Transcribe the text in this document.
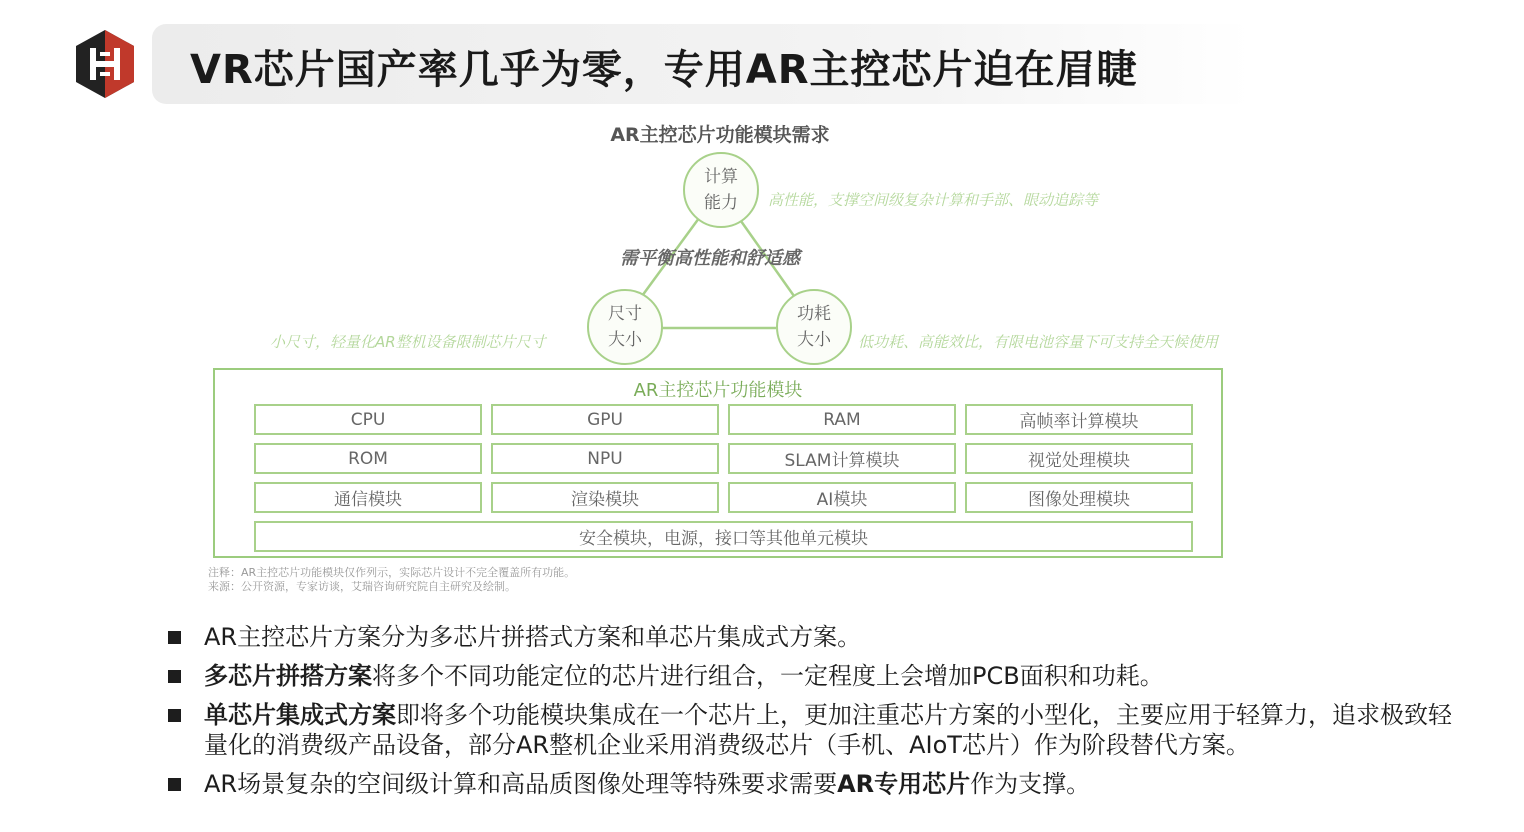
VR芯片国产率几乎为零，专用AR主控芯片迫在眉睫
AR主控芯片功能模块需求
计算
能力 高性能，支撑空间级复杂计算和手部、眼动追踪等
需平衡高性能和舒适感
尺寸
大小
小尺寸，轻量化AR整机设备限制芯片尺寸
功耗
大小 低功耗、高能效比，有限电池容量下可支持全天候使用
AR主控芯片功能模块
CPU	GPU	RAM	高帧率计算模块
ROM	NPU	SLAM计算模块	视觉处理模块
通信模块	渲染模块	AI模块	图像处理模块
安全模块，电源，接口等其他单元模块
注释：AR主控芯片功能模块仅作列示，实际芯片设计不完全覆盖所有功能。
来源：公开资源，专家访谈，艾瑞咨询研究院自主研究及绘制。
AR主控芯片方案分为多芯片拼搭式方案和单芯片集成式方案。
多芯片拼搭方案将多个不同功能定位的芯片进行组合，一定程度上会增加PCB面积和功耗。
单芯片集成式方案即将多个功能模块集成在一个芯片上，更加注重芯片方案的小型化，主要应用于轻算力，追求极致轻量化的消费级产品设备，部分AR整机企业采用消费级芯片（手机、AIoT芯片）作为阶段替代方案。
AR场景复杂的空间级计算和高品质图像处理等特殊要求需要AR专用芯片作为支撑。
